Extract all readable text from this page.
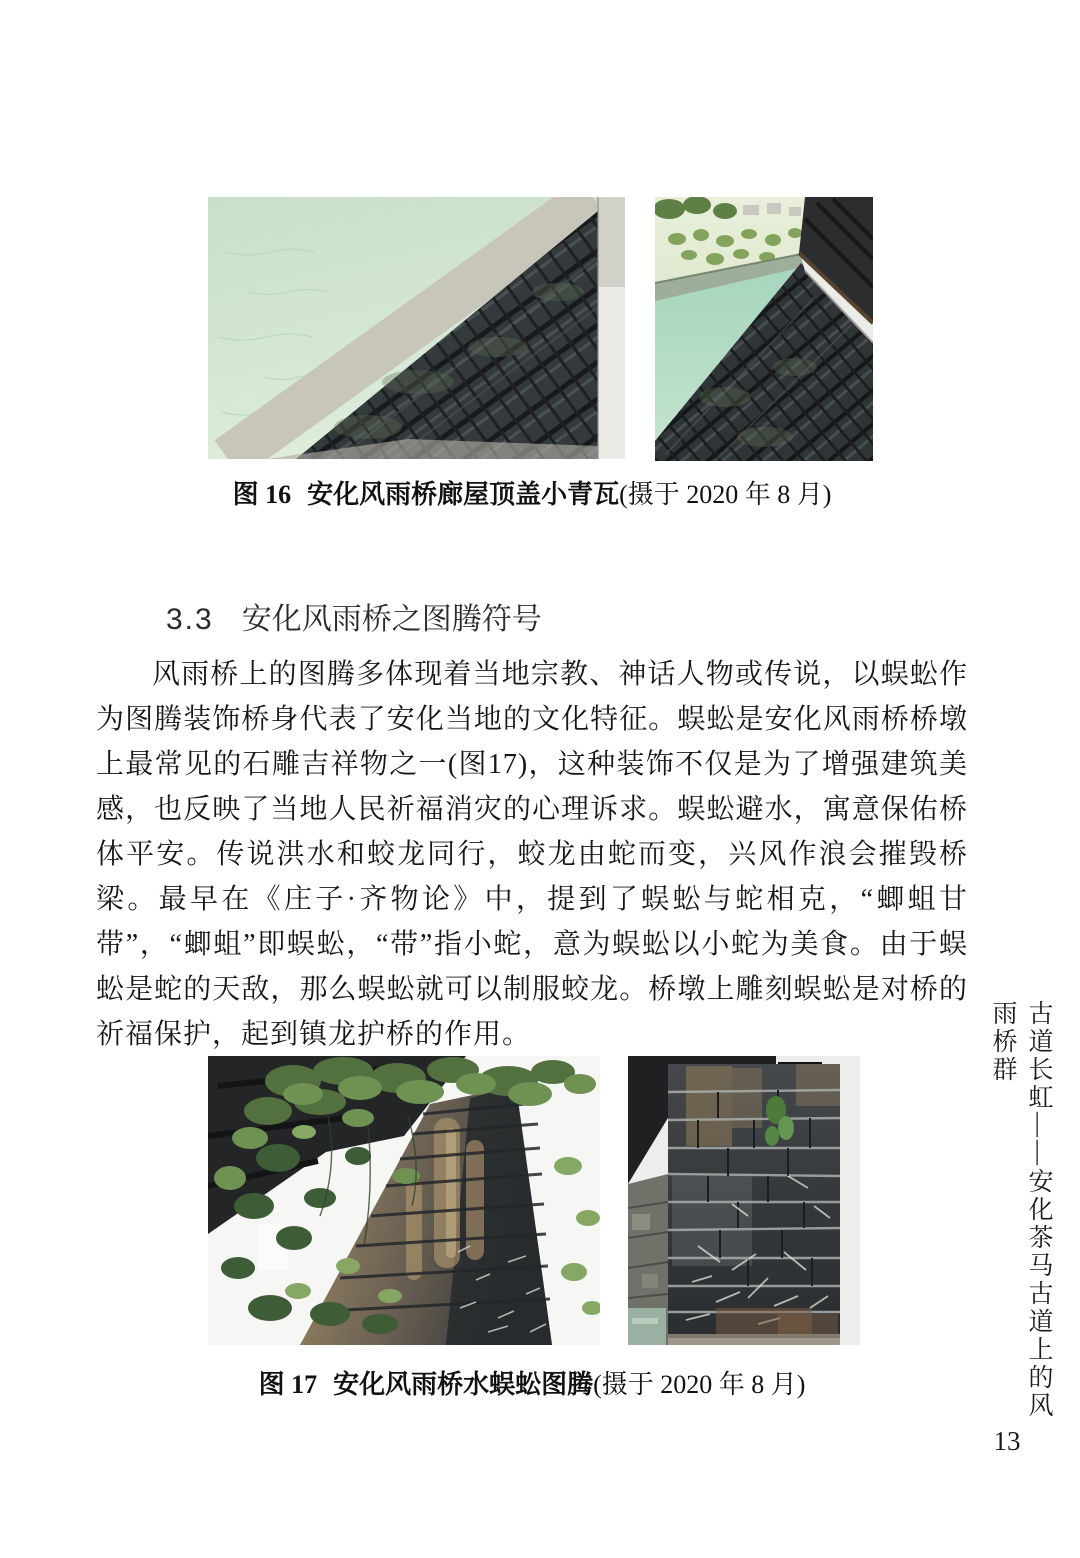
图 16 安化风雨桥廊屋顶盖小青瓦(摄于 2020 年 8 月)
3.3 安化风雨桥之图腾符号

风雨桥上的图腾多体现着当地宗教、神话人物或传说，以蜈蚣作为图腾装饰桥身代表了安化当地的文化特征。蜈蚣是安化风雨桥桥墩上最常见的石雕吉祥物之一(图17)，这种装饰不仅是为了增强建筑美感，也反映了当地人民祈福消灾的心理诉求。蜈蚣避水，寓意保佑桥体平安。传说洪水和蛟龙同行，蛟龙由蛇而变，兴风作浪会摧毁桥梁。最早在《庄子·齐物论》中，提到了蜈蚣与蛇相克，“蝍蛆甘带”，“蝍蛆”即蜈蚣，“带”指小蛇，意为蜈蚣以小蛇为美食。由于蜈蚣是蛇的天敌，那么蜈蚣就可以制服蛟龙。桥墩上雕刻蜈蚣是对桥的祈福保护，起到镇龙护桥的作用。

图 17 安化风雨桥水蜈蚣图腾(摄于 2020 年 8 月)	古道长虹——安化茶马古道上的风雨桥群
13
